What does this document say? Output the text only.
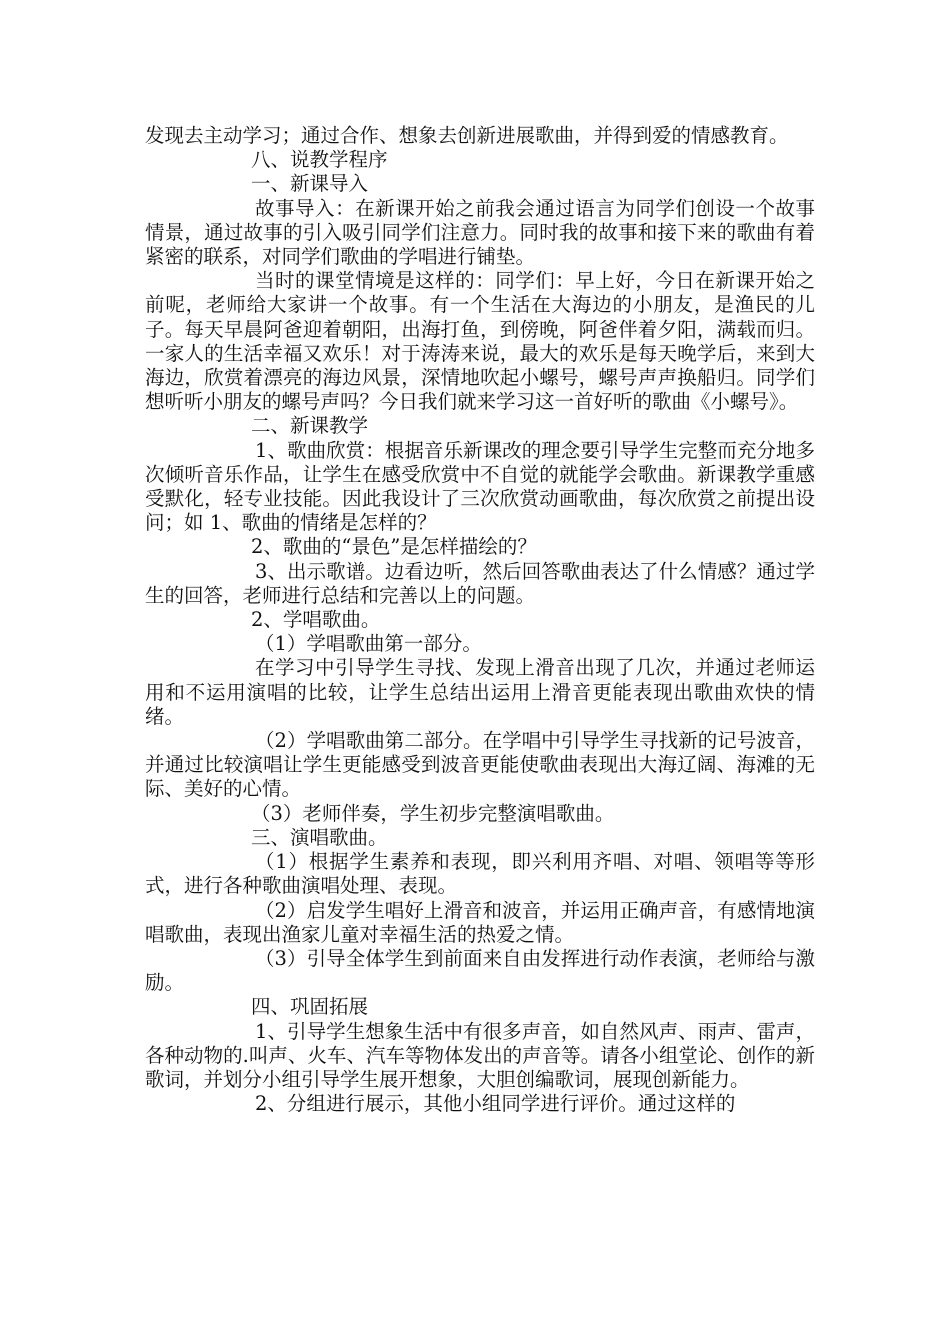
发现去主动学习；通过合作、想象去创新进展歌曲，并得到爱的情感教育。

八、说教学程序

一、新课导入

故事导入：在新课开始之前我会通过语言为同学们创设一个故事情景，通过故事的引入吸引同学们注意力。同时我的故事和接下来的歌曲有着紧密的联系，对同学们歌曲的学唱进行铺垫。

当时的课堂情境是这样的：同学们：早上好，今日在新课开始之前呢，老师给大家讲一个故事。有一个生活在大海边的小朋友，是渔民的儿子。每天早晨阿爸迎着朝阳，出海打鱼，到傍晚，阿爸伴着夕阳，满载而归。一家人的生活幸福又欢乐！对于涛涛来说，最大的欢乐是每天晚学后，来到大海边，欣赏着漂亮的海边风景，深情地吹起小螺号，螺号声声换船归。同学们想听听小朋友的螺号声吗？今日我们就来学习这一首好听的歌曲《小螺号》。

二、新课教学

1、歌曲欣赏：根据音乐新课改的理念要引导学生完整而充分地多次倾听音乐作品，让学生在感受欣赏中不自觉的就能学会歌曲。新课教学重感受默化，轻专业技能。因此我设计了三次欣赏动画歌曲，每次欣赏之前提出设问；如 1、歌曲的情绪是怎样的？

2、歌曲的“景色”是怎样描绘的？

3、出示歌谱。边看边听，然后回答歌曲表达了什么情感？通过学生的回答，老师进行总结和完善以上的问题。

2、学唱歌曲。

（1）学唱歌曲第一部分。

在学习中引导学生寻找、发现上滑音出现了几次，并通过老师运用和不运用演唱的比较，让学生总结出运用上滑音更能表现出歌曲欢快的情绪。

（2）学唱歌曲第二部分。在学唱中引导学生寻找新的记号波音，并通过比较演唱让学生更能感受到波音更能使歌曲表现出大海辽阔、海滩的无际、美好的心情。

（3）老师伴奏，学生初步完整演唱歌曲。

三、演唱歌曲。

（1）根据学生素养和表现，即兴利用齐唱、对唱、领唱等等形式，进行各种歌曲演唱处理、表现。

（2）启发学生唱好上滑音和波音，并运用正确声音，有感情地演唱歌曲，表现出渔家儿童对幸福生活的热爱之情。

（3）引导全体学生到前面来自由发挥进行动作表演，老师给与激励。

四、巩固拓展

1、引导学生想象生活中有很多声音，如自然风声、雨声、雷声，各种动物的.叫声、火车、汽车等物体发出的声音等。请各小组堂论、创作的新歌词，并划分小组引导学生展开想象，大胆创编歌词，展现创新能力。

2、分组进行展示，其他小组同学进行评价。通过这样的
